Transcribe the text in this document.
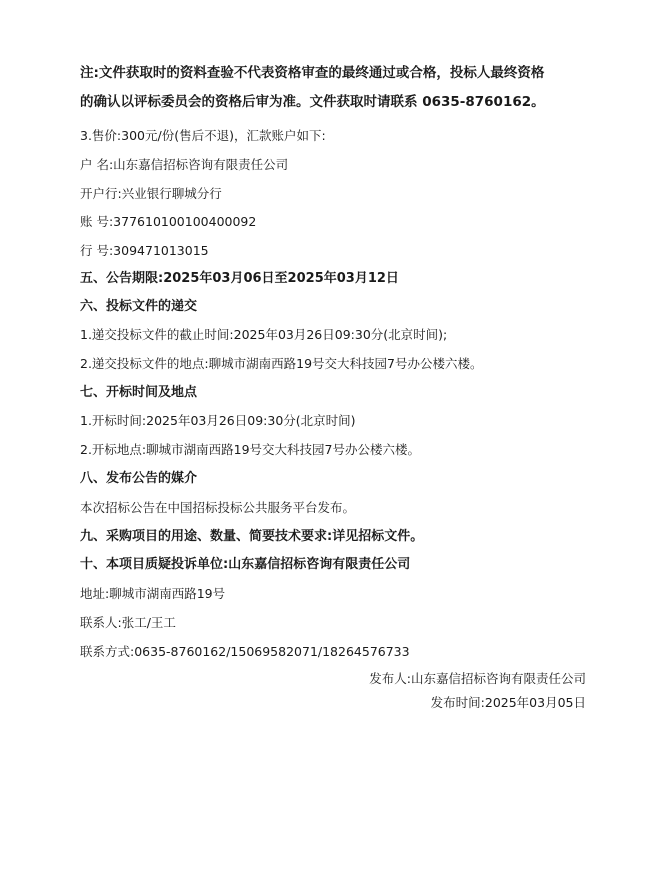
注:文件获取时的资料查验不代表资格审查的最终通过或合格，投标人最终资格
的确认以评标委员会的资格后审为准。文件获取时请联系 0635-8760162。
3.售价:300元/份(售后不退)，汇款账户如下:
户 名:山东嘉信招标咨询有限责任公司
开户行:兴业银行聊城分行
账 号:377610100100400092
行 号:309471013015
五、公告期限:2025年03月06日至2025年03月12日
六、投标文件的递交
1.递交投标文件的截止时间:2025年03月26日09:30分(北京时间);
2.递交投标文件的地点:聊城市湖南西路19号交大科技园7号办公楼六楼。
七、开标时间及地点
1.开标时间:2025年03月26日09:30分(北京时间)
2.开标地点:聊城市湖南西路19号交大科技园7号办公楼六楼。
八、发布公告的媒介
本次招标公告在中国招标投标公共服务平台发布。
九、采购项目的用途、数量、简要技术要求:详见招标文件。
十、本项目质疑投诉单位:山东嘉信招标咨询有限责任公司
地址:聊城市湖南西路19号
联系人:张工/王工
联系方式:0635-8760162/15069582071/18264576733
发布人:山东嘉信招标咨询有限责任公司
发布时间:2025年03月05日
